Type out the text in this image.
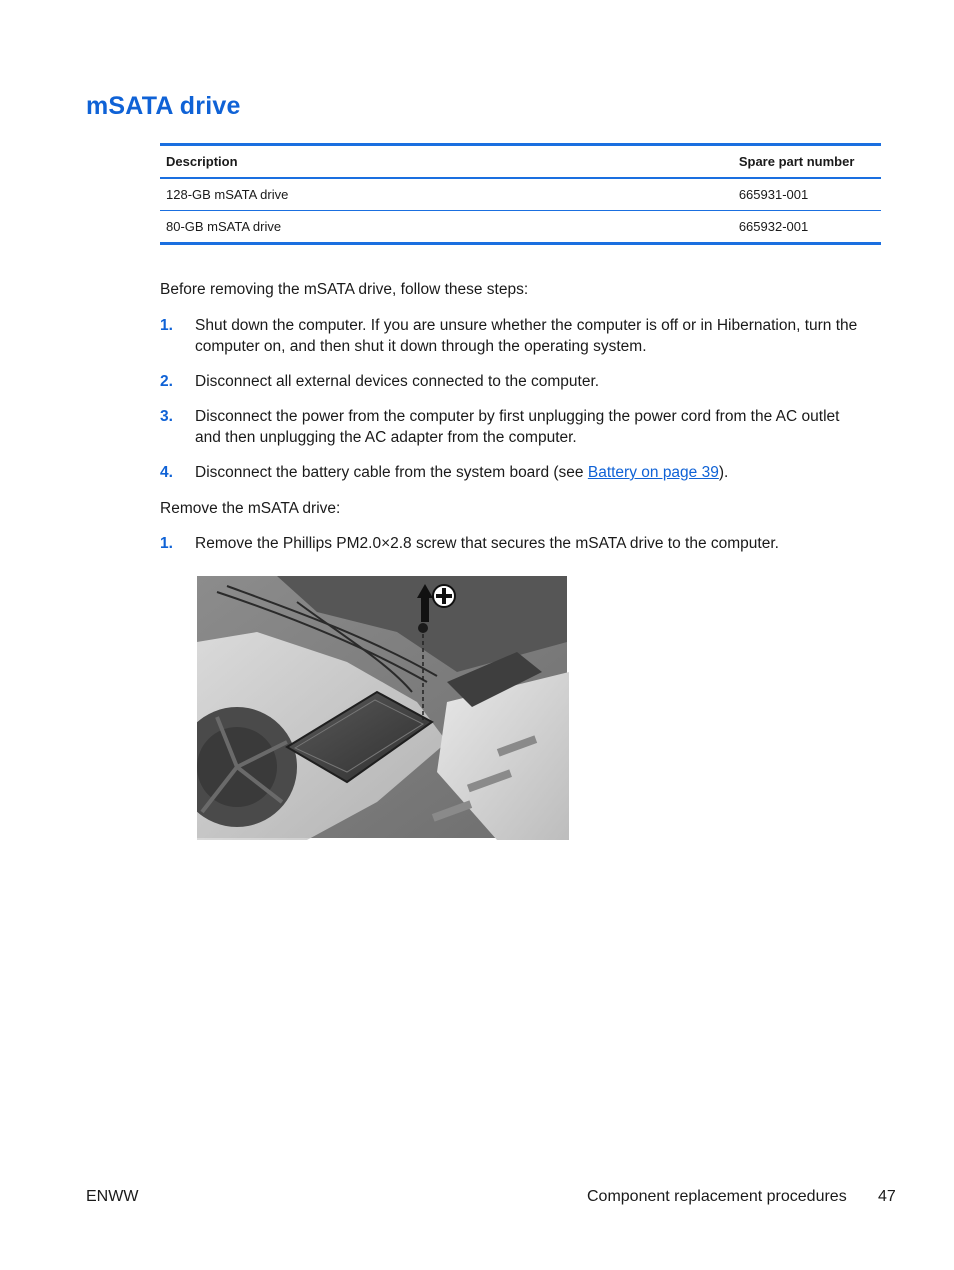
mSATA drive
Description	Spare part number
128-GB mSATA drive	665931-001
80-GB mSATA drive	665932-001

Before removing the mSATA drive, follow these steps:

1. Shut down the computer. If you are unsure whether the computer is off or in Hibernation, turn the computer on, and then shut it down through the operating system.
2. Disconnect all external devices connected to the computer.
3. Disconnect the power from the computer by first unplugging the power cord from the AC outlet and then unplugging the AC adapter from the computer.
4. Disconnect the battery cable from the system board (see Battery on page 39).

Remove the mSATA drive:

1. Remove the Phillips PM2.0×2.8 screw that secures the mSATA drive to the computer.
ENWW	Component replacement procedures 47
